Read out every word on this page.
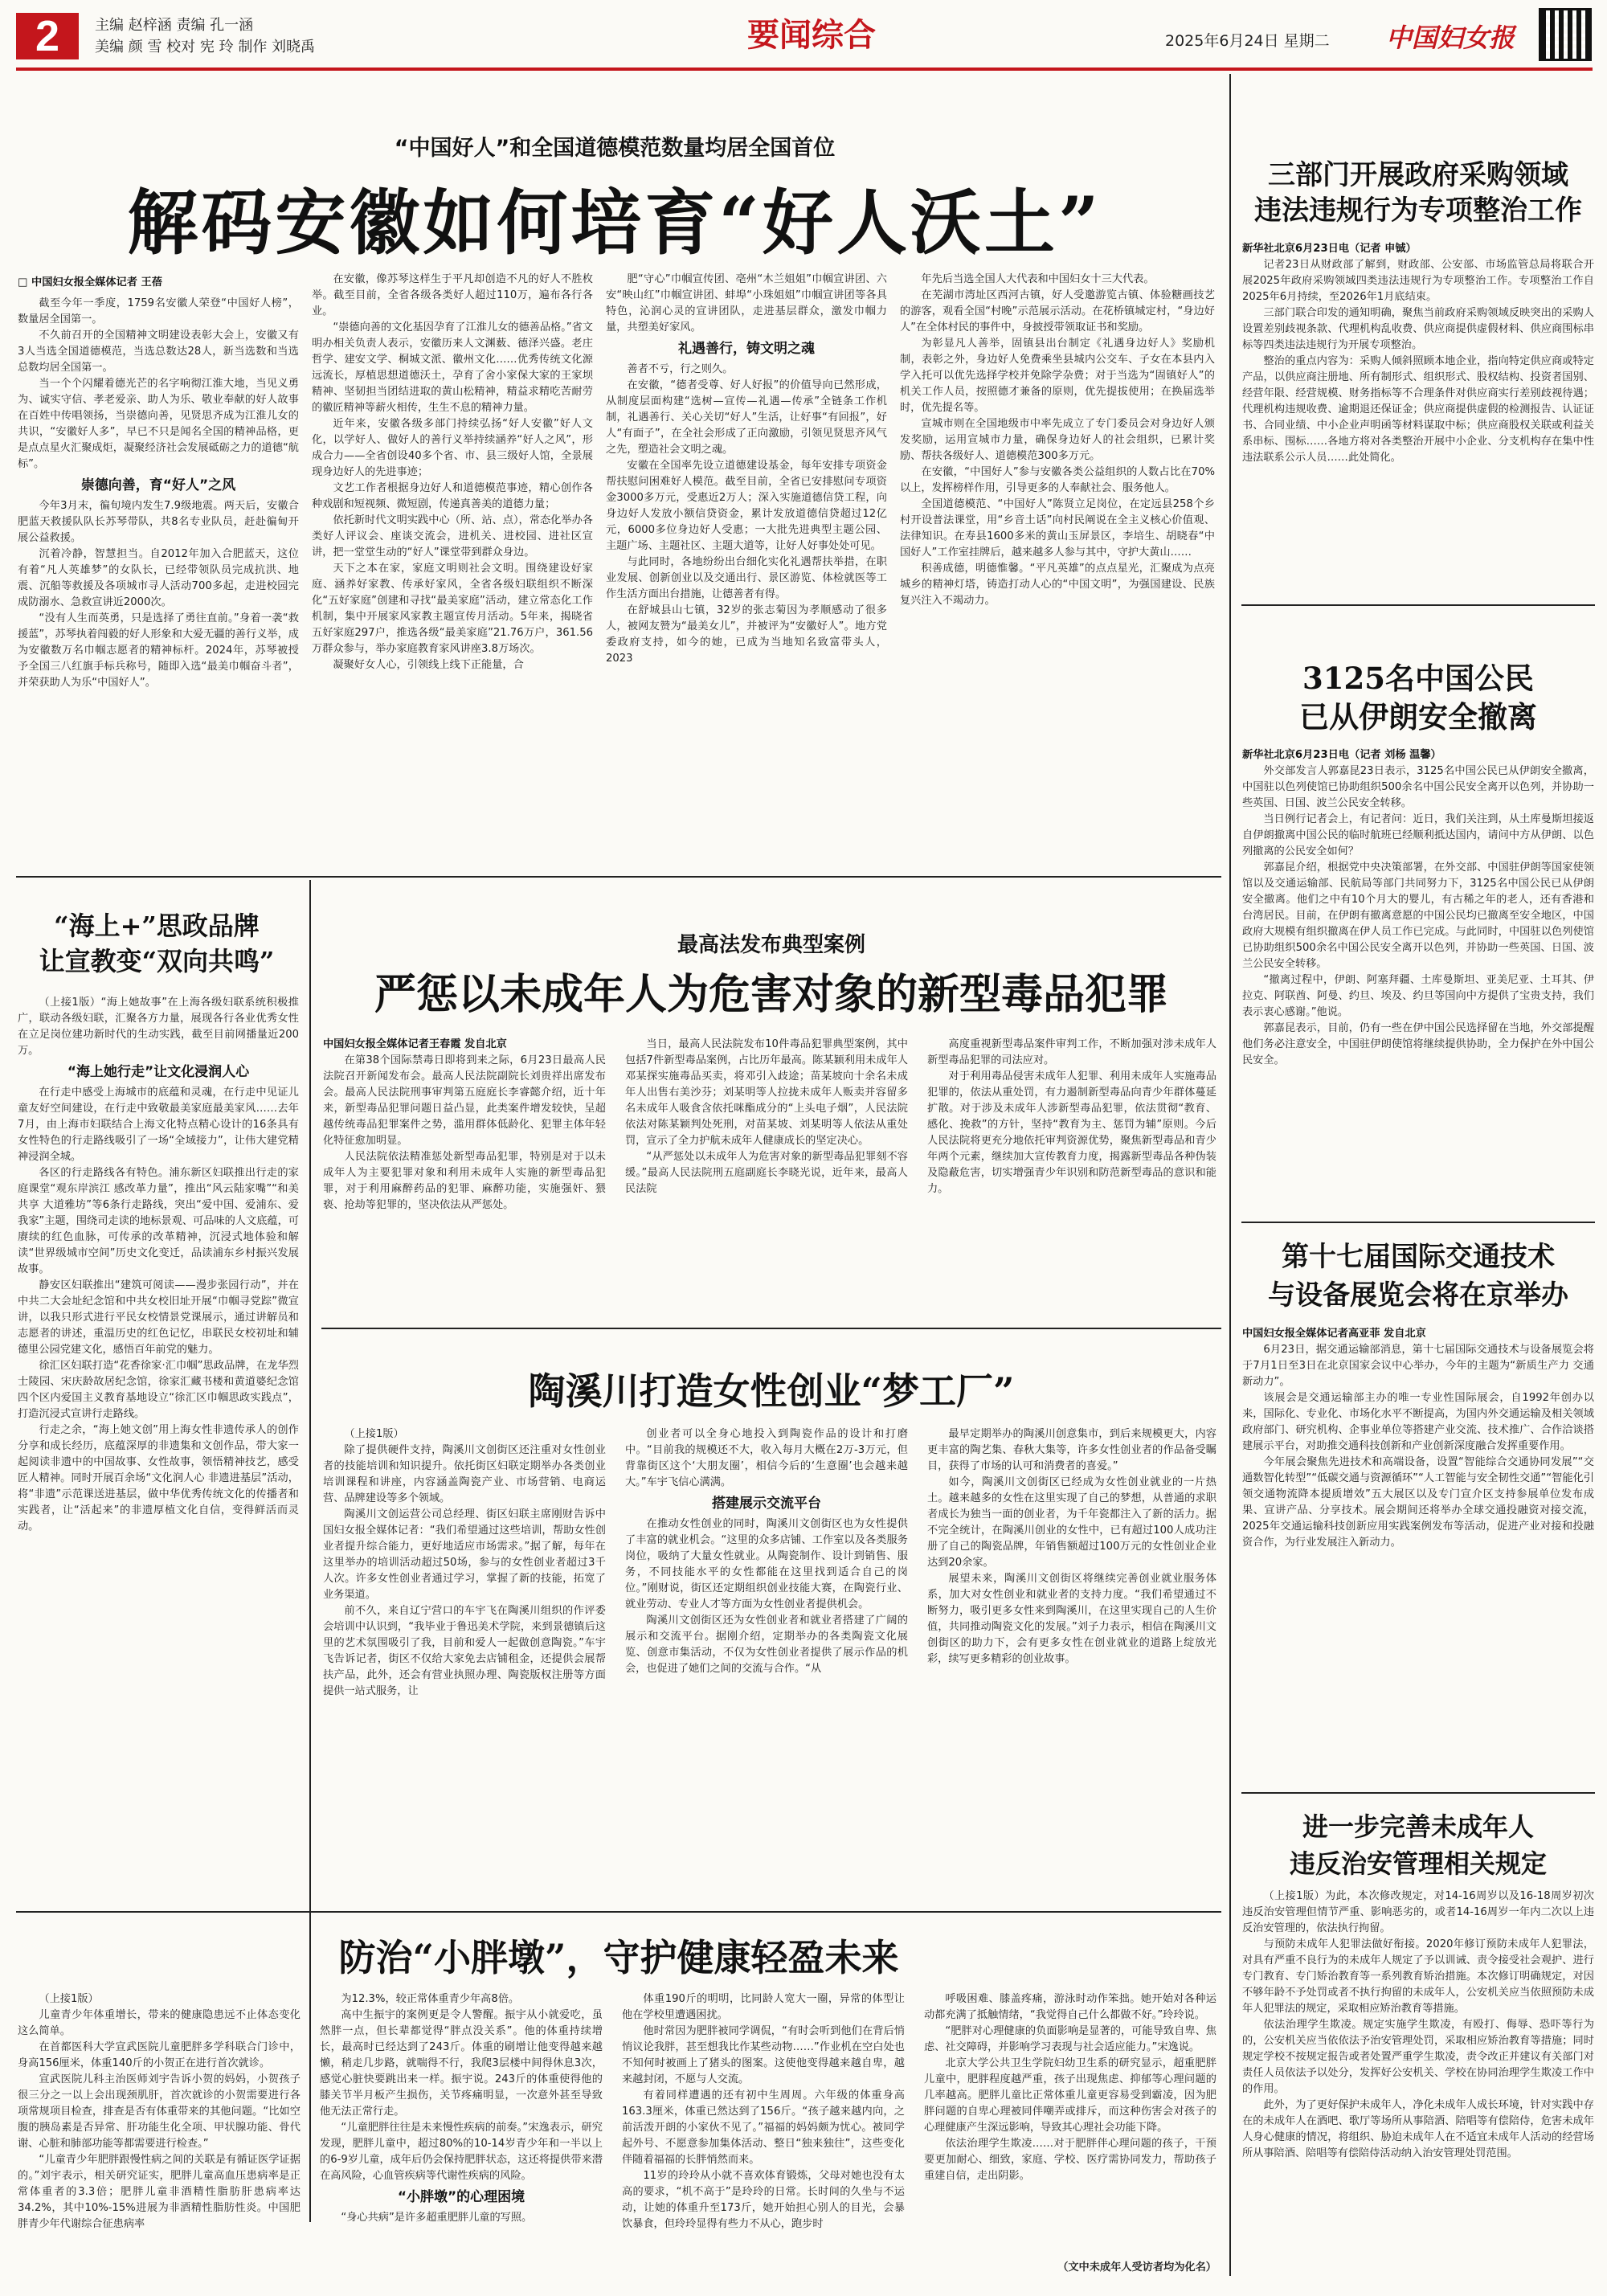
2	主编 赵梓涵 责编 孔一涵
美编 颜 雪 校对 宪 玲 制作 刘晓禹	要闻综合	2025年6月24日 星期二 中国妇女报
“中国好人”和全国道德模范数量均居全国首位
解码安徽如何培育“好人沃土”
□ 中国妇女报全媒体记者 王蓓

截至今年一季度，1759名安徽人荣登“中国好人榜”，数量居全国第一。

不久前召开的全国精神文明建设表彰大会上，安徽又有3人当选全国道德模范，当选总数达28人，新当选数和当选总数均居全国第一。

当一个个闪耀着德光芒的名字响彻江淮大地，当见义勇为、诚实守信、孝老爱亲、助人为乐、敬业奉献的好人故事在百姓中传唱领扬，当崇德向善，见贤思齐成为江淮儿女的共识，“安徽好人多”，早已不只是闻名全国的精神品格，更是点点星火汇聚成炬，凝聚经济社会发展砥砺之力的道德“航标”。

崇德向善，育“好人”之风

今年3月末，徧旬境内发生7.9级地震。两天后，安徽合肥蓝天救援队队长苏琴带队，共8名专业队员，赶赴徧甸开展公益救援。

沉着冷静，智慧担当。自2012年加入合肥蓝天，这位有着“凡人英雄梦”的女队长，已经带领队员完成抗洪、地震、沉船等救援及各项城市寻人活动700多起，走进校园完成防溺水、急救宣讲近2000次。

“没有人生而英勇，只是选择了勇往直前。”身着一袭“救援蓝”，苏琴执着闯毅的好人形象和大爱无疆的善行义举，成为安徽数万名巾帼志愿者的精神标杆。2024年，苏琴被授予全国三八红旗手标兵称号，随即入选“最美巾帼奋斗者”，并荣获助人为乐“中国好人”。

在安徽，像苏琴这样生于平凡却创造不凡的好人不胜枚举。截至目前，全省各级各类好人超过110万，遍布各行各业。

“崇德向善的文化基因孕育了江淮儿女的德善品格。”省文明办相关负责人表示，安徽历来人文渊薮、德泽兴盛。老庄哲学、建安文学、桐城文派、徽州文化……优秀传统文化源远流长，厚植思想道德沃土，孕育了舍小家保大家的王家坝精神、坚韧担当团结进取的黄山松精神，精益求精吃苦耐劳的徽匠精神等薪火相传，生生不息的精神力量。

近年来，安徽各级多部门持续弘扬“好人安徽”好人文化，以学好人、做好人的善行义举持续涵养“好人之风”，形成合力——全省创设40多个省、市、县三级好人馆，全景展现身边好人的先进事迹；

文艺工作者根据身边好人和道德模范事迹，精心创作各种戏剧和短视频、微短剧，传递真善美的道德力量；

依托新时代文明实践中心（所、站、点），常态化举办各类好人评议会、座谈交流会，进机关、进校园、进社区宣讲，把一堂堂生动的“好人”课堂带到群众身边。

天下之本在家，家庭文明则社会文明。围绕建设好家庭、涵养好家教、传承好家风，全省各级妇联组织不断深化“五好家庭”创建和寻找“最美家庭”活动，建立常态化工作机制，集中开展家风家教主题宣传月活动。5年来，揭晓省五好家庭297户，推选各级“最美家庭”21.76万户，361.56万群众参与，举办家庭教育家风讲座3.8万场次。

凝聚好女人心，引领线上线下正能量，合

肥“守心”巾帼宣传团、亳州“木兰姐姐”巾帼宣讲团、六安“映山红”巾帼宣讲团、蚌埠“小珠姐姐”巾帼宣讲团等各具特色，沁润心灵的宣讲团队，走进基层群众，激发巾帼力量，共塑美好家风。

礼遇善行，铸文明之魂

善者不亏，行之则久。

在安徽，“德者受尊、好人好报”的价值导向已然形成，从制度层面构建“选树—宣传—礼遇—传承”全链条工作机制，礼遇善行、关心关切“好人”生活，让好事“有回报”，好人“有面子”，在全社会形成了正向激励，引领见贤思齐风气之先，塑造社会文明之魂。

安徽在全国率先设立道德建设基金，每年安排专项资金帮扶慰问困难好人模范。截至目前，全省已安排慰问专项资金3000多万元，受惠近2万人；深入实施道德信贷工程，向身边好人发放小额信贷资金，累计发放道德信贷超过12亿元，6000多位身边好人受惠；一大批先进典型主题公园、主题广场、主题社区、主题大道等，让好人好事处处可见。

与此同时，各地纷纷出台细化实化礼遇帮扶举措，在职业发展、创新创业以及交通出行、景区游览、体检就医等工作生活方面出台措施，让德善者有得。

在舒城县山七镇，32岁的张志菊因为孝顺感动了很多人，被网友赞为“最美女儿”，并被评为“安徽好人”。地方党委政府支持，如今的她，已成为当地知名致富带头人，2023

年先后当选全国人大代表和中国妇女十三大代表。

在芜湖市湾址区西河古镇，好人受邀游览古镇、体验糖画技艺的游客，观看全国“村晚”示范展示活动。在花桥镇城定村，“身边好人”在全体村民的事件中，身披授带领取证书和奖励。

为彰显凡人善举，固镇县出台制定《礼遇身边好人》奖励机制，表彰之外，身边好人免费乘坐县城内公交车、子女在本县内入学入托可以优先选择学校并免除学杂费；对于当选为“固镇好人”的机关工作人员，按照德才兼备的原则，优先提拔使用；在换届选举时，优先提名等。

宣城市则在全国地级市中率先成立了专门委员会对身边好人颁发奖励，运用宣城市力量，确保身边好人的社会组织，已累计奖励、帮扶各级好人、道德模范300多万元。

在安徽，“中国好人”参与安徽各类公益组织的人数占比在70%以上，发挥榜样作用，引导更多的人奉献社会、服务他人。

全国道德模范、“中国好人”陈贤立足岗位，在定远县258个乡村开设普法课堂，用“乡音土话”向村民阐说在全主义核心价值观、法律知识。在寿县1600多米的黄山玉屏景区，李培生、胡晓春“中国好人”工作室挂牌后，越来越多人参与其中，守护大黄山……

积善成德，明德惟馨。“平凡英雄”的点点星光，汇聚成为点亮城乡的精神灯塔，铸造打动人心的“中国文明”，为强国建设、民族复兴注入不竭动力。

三部门开展政府采购领域
违法违规行为专项整治工作
新华社北京6月23日电（记者 申铖）

记者23日从财政部了解到，财政部、公安部、市场监管总局将联合开展2025年政府采购领域四类违法违规行为专项整治工作。专项整治工作自2025年6月持续，至2026年1月底结束。

三部门联合印发的通知明确，聚焦当前政府采购领域反映突出的采购人设置差别歧视条款、代理机构乱收费、供应商提供虚假材料、供应商围标串标等四类违法违规行为开展专项整治。

整治的重点内容为：采购人倾斜照顾本地企业，指向特定供应商或特定产品，以供应商注册地、所有制形式、组织形式、股权结构、投资者国别、经营年限、经营规模、财务指标等不合理条件对供应商实行差别歧视待遇；代理机构违规收费、逾期退还保证金；供应商提供虚假的检测报告、认证证书、合同业绩、中小企业声明函等材料谋取中标；供应商股权关联或利益关系串标、围标……各地方将对各类整治开展中小企业、分支机构存在集中性违法联系公示人员……此处简化。

3125名中国公民
已从伊朗安全撤离
新华社北京6月23日电（记者 刘杨 温馨）

外交部发言人郭嘉昆23日表示，3125名中国公民已从伊朗安全撤离，中国驻以色列使馆已协助组织500余名中国公民安全离开以色列，并协助一些英国、日国、波兰公民安全转移。

当日例行记者会上，有记者问：近日，我们关注到，从土库曼斯坦接返自伊朗撤离中国公民的临时航班已经顺利抵达国内，请问中方从伊朗、以色列撤离的公民安全如何？

郭嘉昆介绍，根据党中央决策部署，在外交部、中国驻伊朗等国家使领馆以及交通运输部、民航局等部门共同努力下，3125名中国公民已从伊朗安全撤离。他们之中有10个月大的婴儿，有古稀之年的老人，还有香港和台湾居民。目前，在伊朗有撤离意愿的中国公民均已撤离至安全地区，中国政府大规模有组织撤离在伊人员工作已完成。与此同时，中国驻以色列使馆已协助组织500余名中国公民安全离开以色列，并协助一些英国、日国、波兰公民安全转移。

“撤离过程中，伊朗、阿塞拜疆、土库曼斯坦、亚美尼亚、土耳其、伊拉克、阿联酋、阿曼、约旦、埃及、约旦等国向中方提供了宝贵支持，我们表示衷心感谢。”他说。

郭嘉昆表示，目前，仍有一些在伊中国公民选择留在当地，外交部提醒他们务必注意安全，中国驻伊朗使馆将继续提供协助，全力保护在外中国公民安全。

第十七届国际交通技术
与设备展览会将在京举办
中国妇女报全媒体记者高亚菲 发自北京

6月23日，据交通运输部消息，第十七届国际交通技术与设备展览会将于7月1日至3日在北京国家会议中心举办，今年的主题为“新质生产力 交通新动力”。

该展会是交通运输部主办的唯一专业性国际展会，自1992年创办以来，国际化、专业化、市场化水平不断提高，为国内外交通运输及相关领域政府部门、研究机构、企事业单位等搭建产业交流、技术推广、合作洽谈搭建展示平台，对助推交通科技创新和产业创新深度融合发挥重要作用。

今年展会聚焦先进技术和高端设备，设置“智能综合交通协同发展”“交通数智化转型”“低碳交通与资源循环”“人工智能与安全韧性交通”“智能化引领交通物流降本提质增效”五大展区以及专门宣介区支持参展单位发布成果、宣讲产品、分享技术。展会期间还将举办全球交通投融资对接交流，2025年交通运输科技创新应用实践案例发布等活动，促进产业对接和投融资合作，为行业发展注入新动力。

进一步完善未成年人
违反治安管理相关规定

（上接1版）为此，本次修改规定，对14-16周岁以及16-18周岁初次违反治安管理但情节严重、影响恶劣的，或者14-16周岁一年内二次以上违反治安管理的，依法执行拘留。

与预防未成年人犯罪法做好衔接。2020年修订预防未成年人犯罪法，对具有严重不良行为的未成年人规定了予以训诫、责令接受社会观护、进行专门教育、专门矫治教育等一系列教育矫治措施。本次修订明确规定，对因不够年龄不予处罚或者不执行拘留的未成年人，公安机关应当依照预防未成年人犯罪法的规定，采取相应矫治教育等措施。

依法治理学生欺凌。规定实施学生欺凌，有殴打、侮辱、恐吓等行为的，公安机关应当依依法予治安管理处罚，采取相应矫治教育等措施；同时规定学校不按规定报告或者处置严重学生欺凌，责令改正并建议有关部门对责任人员依法予以处分，发挥好公安机关、学校在协同治理学生欺凌工作中的作用。

此外，为了更好保护未成年人，净化未成年人成长环境，针对实践中存在的未成年人在酒吧、歌厅等场所从事陪酒、陪唱等有偿陪侍，危害未成年人身心健康的情况，将组织、胁迫未成年人在不适宜未成年人活动的经营场所从事陪酒、陪唱等有偿陪侍活动纳入治安管理处罚范围。

“海上+”思政品牌
让宣教变“双向共鸣”

（上接1版）“海上她故事”在上海各级妇联系统积极推广，联动各级妇联，汇聚各方力量，展现各行各业优秀女性在立足岗位建功新时代的生动实践，截至目前网播量近200万。

“海上她行走”让文化浸润人心

在行走中感受上海城市的底蕴和灵魂，在行走中见证儿童友好空间建设，在行走中致敬最美家庭最美家风……去年7月，由上海市妇联结合上海文化特点精心设计的16条具有女性特色的行走路线吸引了一场“全域接力”，让伟大建党精神浸润全城。

各区的行走路线各有特色。浦东新区妇联推出行走的家庭课堂“观东岸滨江 感改革力量”，推出“风云陆家嘴”“和美共享 大道雅坊”等6条行走路线，突出“爱中国、爱浦东、爱我家”主题，围绕司走读的地标景观、可品味的人文底蕴，可赓续的红色血脉，可传承的改革精神，沉浸式地体验和解读“世界级城市空间”历史文化变迁，品读浦东乡村振兴发展故事。

静安区妇联推出“建筑可阅读——漫步张园行动”，并在中共二大会址纪念馆和中共女校旧址开展“巾帼寻党踪”微宣讲，以我只形式进行平民女校情景党课展示，通过讲解员和志愿者的讲述，重温历史的红色记忆，串联民女校初址和辅德里公园党建文化，感悟百年前党的魅力。

徐汇区妇联打造“花香徐家·汇巾帼”思政品牌，在龙华烈士陵园、宋庆龄故居纪念馆，徐家汇藏书楼和黄道婆纪念馆四个区内爱国主义教育基地设立“徐汇区巾帼思政实践点”，打造沉浸式宣讲行走路线。

行走之余，“海上她文创”用上海女性非遗传承人的创作分享和成长经历，底蕴深厚的非遗集和文创作品，带大家一起阅读非遗中的中国故事、女性故事，领悟精神技艺，感受匠人精神。同时开展百余场“文化润人心 非遗进基层”活动，将“非遗”示范课送进基层，做中华优秀传统文化的传播者和实践者，让“活起来”的非遗厚植文化自信，变得鲜活而灵动。

最高法发布典型案例
严惩以未成年人为危害对象的新型毒品犯罪
中国妇女报全媒体记者王春霞 发自北京

在第38个国际禁毒日即将到来之际，6月23日最高人民法院召开新闻发布会。最高人民法院副院长刘贵祥出席发布会。最高人民法院刑事审判第五庭庭长李睿懿介绍，近十年来，新型毒品犯罪问题日益凸显，此类案件增发较快，呈超越传统毒品犯罪案件之势，滥用群体低龄化、犯罪主体年轻化特征愈加明显。

人民法院依法精准惩处新型毒品犯罪，特别是对于以未成年人为主要犯罪对象和利用未成年人实施的新型毒品犯罪，对于利用麻醉药品的犯罪、麻醉功能，实施强奸、猥亵、抢劫等犯罪的，坚决依法从严惩处。

当日，最高人民法院发布10件毒品犯罪典型案例，其中包括7件新型毒品案例，占比历年最高。陈某颖利用未成年人邓某探实施毒品买卖，将邓引入歧途；苗某坡向十余名未成年人出售右美沙芬；刘某明等人拉拢未成年人贩卖并容留多名未成年人吸食含依托咪酯成分的“上头电子烟”，人民法院依法对陈某颖判处死刑，对苗某坡、刘某明等人依法从重处罚，宣示了全力护航未成年人健康成长的坚定决心。

“从严惩处以未成年人为危害对象的新型毒品犯罪刻不容缓。”最高人民法院刑五庭副庭长李晓光说，近年来，最高人民法院

高度重视新型毒品案件审判工作，不断加强对涉未成年人新型毒品犯罪的司法应对。

对于利用毒品侵害未成年人犯罪、利用未成年人实施毒品犯罪的，依法从重处罚，有力遏制新型毒品向青少年群体蔓延扩散。对于涉及未成年人涉新型毒品犯罪，依法贯彻“教育、感化、挽救”的方针，坚持“教育为主、惩罚为辅”原则。今后人民法院将更充分地依托审判资源优势，聚焦新型毒品和青少年两个元素，继续加大宣传教育力度，揭露新型毒品各种伪装及隐蔽危害，切实增强青少年识别和防范新型毒品的意识和能力。

陶溪川打造女性创业“梦工厂”

（上接1版）

除了提供硬件支持，陶溪川文创街区还注重对女性创业者的技能培训和知识提升。依托街区妇联定期举办各类创业培训课程和讲座，内容涵盖陶瓷产业、市场营销、电商运营、品牌建设等多个领域。

陶溪川文创运营公司总经理、街区妇联主席刚财告诉中国妇女报全媒体记者：“我们希望通过这些培训，帮助女性创业者提升综合能力，更好地适应市场需求。”据了解，每年在这里举办的培训活动超过50场，参与的女性创业者超过3千人次。许多女性创业者通过学习，掌握了新的技能，拓宽了业务渠道。

前不久，来自辽宁营口的车宇飞在陶溪川组织的作评委会培训中认识到，“我毕业于鲁迅美术学院，来到景德镇后这里的艺术氛围吸引了我，目前和爱人一起做创意陶瓷。”车宇飞告诉记者，街区不仅给大家免去店铺租金，还提供会展帮扶产品，此外，还会有营业执照办理、陶瓷版权注册等方面提供一站式服务，让

创业者可以全身心地投入到陶瓷作品的设计和打磨中。“目前我的规模还不大，收入每月大概在2万-3万元，但背靠街区这个‘大朋友圈’，相信今后的‘生意圈’也会越来越大。”车宇飞信心满满。

搭建展示交流平台

在推动女性创业的同时，陶溪川文创街区也为女性提供了丰富的就业机会。“这里的众多店铺、工作室以及各类服务岗位，吸纳了大量女性就业。从陶瓷制作、设计到销售、服务，不同技能水平的女性都能在这里找到适合自己的岗位。”刚财说，街区还定期组织创业技能大赛，在陶瓷行业、就业劳动、专业人才等方面为女性创业者提供机会。

陶溪川文创街区还为女性创业者和就业者搭建了广阔的展示和交流平台。据刚介绍，定期举办的各类陶瓷文化展览、创意市集活动，不仅为女性创业者提供了展示作品的机会，也促进了她们之间的交流与合作。“从

最早定期举办的陶溪川创意集市，到后来规模更大，内容更丰富的陶艺集、春秋大集等，许多女性创业者的作品备受瞩目，获得了市场的认可和消费者的喜爱。”

如今，陶溪川文创街区已经成为女性创业就业的一片热土。越来越多的女性在这里实现了自己的梦想，从普通的求职者成长为独当一面的创业者，为千年瓷都注入了新的活力。据不完全统计，在陶溪川创业的女性中，已有超过100人成功注册了自己的陶瓷品牌，年销售额超过100万元的女性创业企业达到20余家。

展望未来，陶溪川文创街区将继续完善创业就业服务体系，加大对女性创业和就业者的支持力度。“我们希望通过不断努力，吸引更多女性来到陶溪川，在这里实现自己的人生价值，共同推动陶瓷文化的发展。”刘子力表示，相信在陶溪川文创街区的助力下，会有更多女性在创业就业的道路上绽放光彩，续写更多精彩的创业故事。

防治“小胖墩”，守护健康轻盈未来

（上接1版）

儿童青少年体重增长，带来的健康隐患远不止体态变化这么简单。

在首都医科大学宣武医院儿童肥胖多学科联合门诊中，身高156厘米，体重140斤的小贺正在进行首次就诊。

宣武医院儿科主治医师刘宇告诉小贺的妈妈，小贺孩子很三分之一以上会出现颈肌肝，首次就诊的小贺需要进行各项常规项目检查，排查是否有体重带来的其他问题。“比如空腹的胰岛素是否异常、肝功能生化全项、甲状腺功能、骨代谢、心脏和肺部功能等都需要进行检查。”

“儿童青少年肥胖跟慢性病之间的关联是有循证医学证据的。”刘宇表示，相关研究证实，肥胖儿童高血压患病率是正常体重者的3.3倍；肥胖儿童非酒精性脂肪肝患病率达34.2%，其中10%-15%进展为非酒精性脂肪性炎。中国肥胖青少年代谢综合征患病率

为12.3%，较正常体重青少年高8倍。

高中生振宇的案例更是令人警醒。振宇从小就爱吃，虽然胖一点，但长辈都觉得“胖点没关系”。他的体重持续增长，最高时已经达到了243斤。体重的刷增让他变得越来越懒，稍走几步路，就喘得不行，我爬3层楼中间得休息3次，感觉心脏快要跳出来一样。振宇说。243斤的体重使得他的膝关节半月板产生损伤，关节疼痛明显，一次意外甚至导致他无法正常行走。

“儿童肥胖往往是未来慢性疾病的前奏。”宋逸表示，研究发现，肥胖儿童中，超过80%的10-14岁青少年和一半以上的6-9岁儿童，成年后仍会保持肥胖状态，这还将提供带来潜在高风险，心血管疾病等代谢性疾病的风险。

“小胖墩”的心理困境

“身心共病”是许多超重肥胖儿童的写照。

体重190斤的明明，比同龄人宽大一圈，异常的体型让他在学校里遭遇困扰。

他时常因为肥胖被同学调侃，“有时会听到他们在背后悄悄议论我胖，甚至想我比作某些动物……”作业机在空白处也不知何时被画上了猪头的图案。这使他变得越来越自卑，越来越封闭，不愿与人交流。

有着同样遭遇的还有初中生周周。六年级的体重身高163.3厘米，体重已然达到了156斤。“孩子越来越内向，之前活泼开朗的小家伙不见了。”福福的妈妈颇为忧心。被同学起外号、不愿意参加集体活动、整日“独来独往”，这些变化伴随着福福的长胖悄然而来。

11岁的玲玲从小就不喜欢体育锻炼，父母对她也没有太高的要求，“机不高于”是玲玲的日常。长时间的久坐与不运动，让她的体重升至173斤，她开始担心别人的目光，会暴饮暴食，但玲玲显得有些力不从心，跑步时

呼吸困难、膝盖疼痛，游泳时动作笨拙。她开始对各种运动都充满了抵触情绪，“我觉得自己什么都做不好。”玲玲说。

“肥胖对心理健康的负面影响是显著的，可能导致自卑、焦虑、社交障碍，并影响学习表现与社会适应能力。”宋逸说。

北京大学公共卫生学院妇幼卫生系的研究显示，超重肥胖儿童中，肥胖程度越严重，孩子出现焦虑、抑郁等心理问题的几率越高。肥胖儿童比正常体重儿童更容易受到霸凌，因为肥胖问题的自卑心理被同伴嘲弄或排斥，而这种伤害会对孩子的心理健康产生深远影响，导致其心理社会功能下降。

依法治理学生欺凌……对于肥胖伴心理问题的孩子，干预要更加耐心、细致，家庭、学校、医疗需协同发力，帮助孩子重建自信，走出阴影。

（文中未成年人受访者均为化名）
